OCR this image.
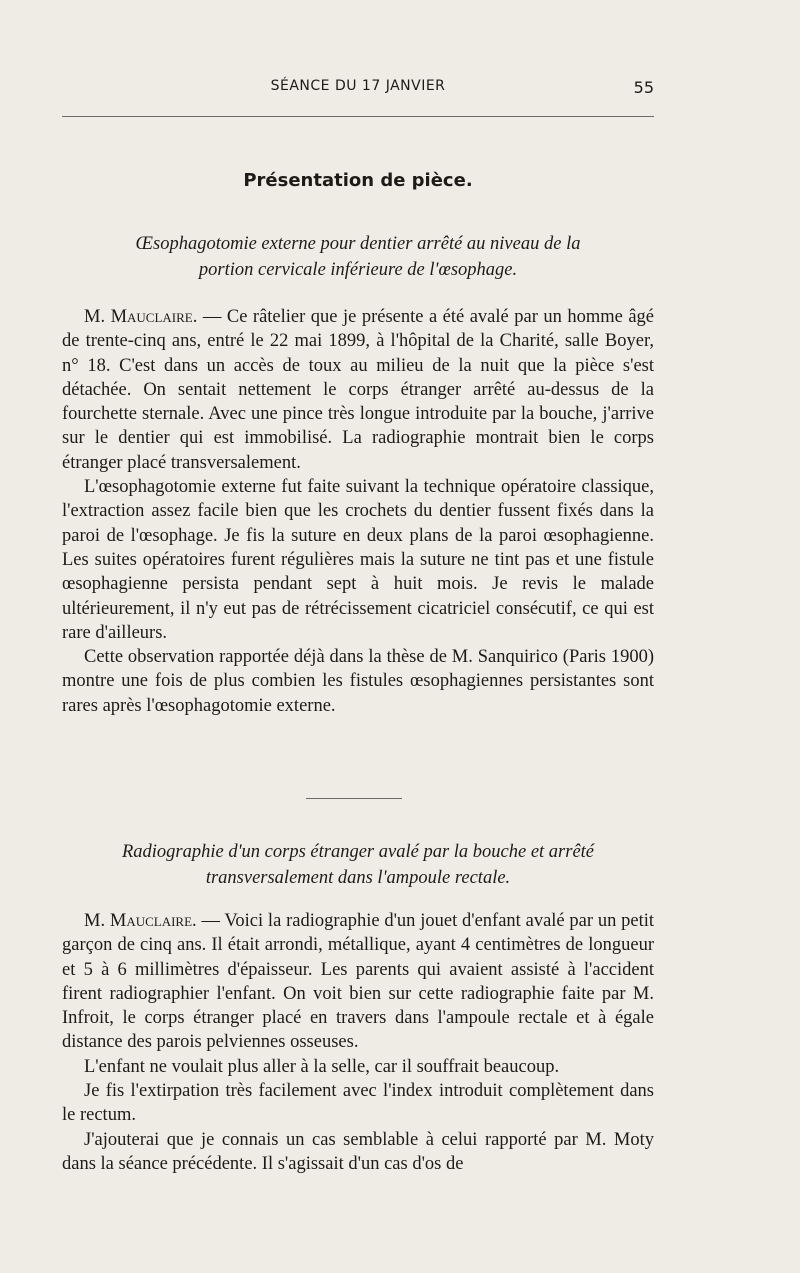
SÉANCE DU 17 JANVIER	55
Présentation de pièce.
Œsophagotomie externe pour dentier arrêté au niveau de la
portion cervicale inférieure de l'œsophage.

M. Mauclaire. — Ce râtelier que je présente a été avalé par un homme âgé de trente-cinq ans, entré le 22 mai 1899, à l'hôpital de la Charité, salle Boyer, n° 18. C'est dans un accès de toux au milieu de la nuit que la pièce s'est détachée. On sentait nettement le corps étranger arrêté au-dessus de la fourchette sternale. Avec une pince très longue introduite par la bouche, j'arrive sur le dentier qui est immobilisé. La radiographie montrait bien le corps étranger placé transversalement.

L'œsophagotomie externe fut faite suivant la technique opératoire classique, l'extraction assez facile bien que les crochets du dentier fussent fixés dans la paroi de l'œsophage. Je fis la suture en deux plans de la paroi œsophagienne. Les suites opératoires furent régulières mais la suture ne tint pas et une fistule œsophagienne persista pendant sept à huit mois. Je revis le malade ultérieurement, il n'y eut pas de rétrécissement cicatriciel consécutif, ce qui est rare d'ailleurs.

Cette observation rapportée déjà dans la thèse de M. Sanquirico (Paris 1900) montre une fois de plus combien les fistules œsophagiennes persistantes sont rares après l'œsophagotomie externe.

Radiographie d'un corps étranger avalé par la bouche et arrêté
transversalement dans l'ampoule rectale.

M. Mauclaire. — Voici la radiographie d'un jouet d'enfant avalé par un petit garçon de cinq ans. Il était arrondi, métallique, ayant 4 centimètres de longueur et 5 à 6 millimètres d'épaisseur. Les parents qui avaient assisté à l'accident firent radiographier l'enfant. On voit bien sur cette radiographie faite par M. Infroit, le corps étranger placé en travers dans l'ampoule rectale et à égale distance des parois pelviennes osseuses.

L'enfant ne voulait plus aller à la selle, car il souffrait beaucoup.

Je fis l'extirpation très facilement avec l'index introduit complètement dans le rectum.

J'ajouterai que je connais un cas semblable à celui rapporté par M. Moty dans la séance précédente. Il s'agissait d'un cas d'os de
